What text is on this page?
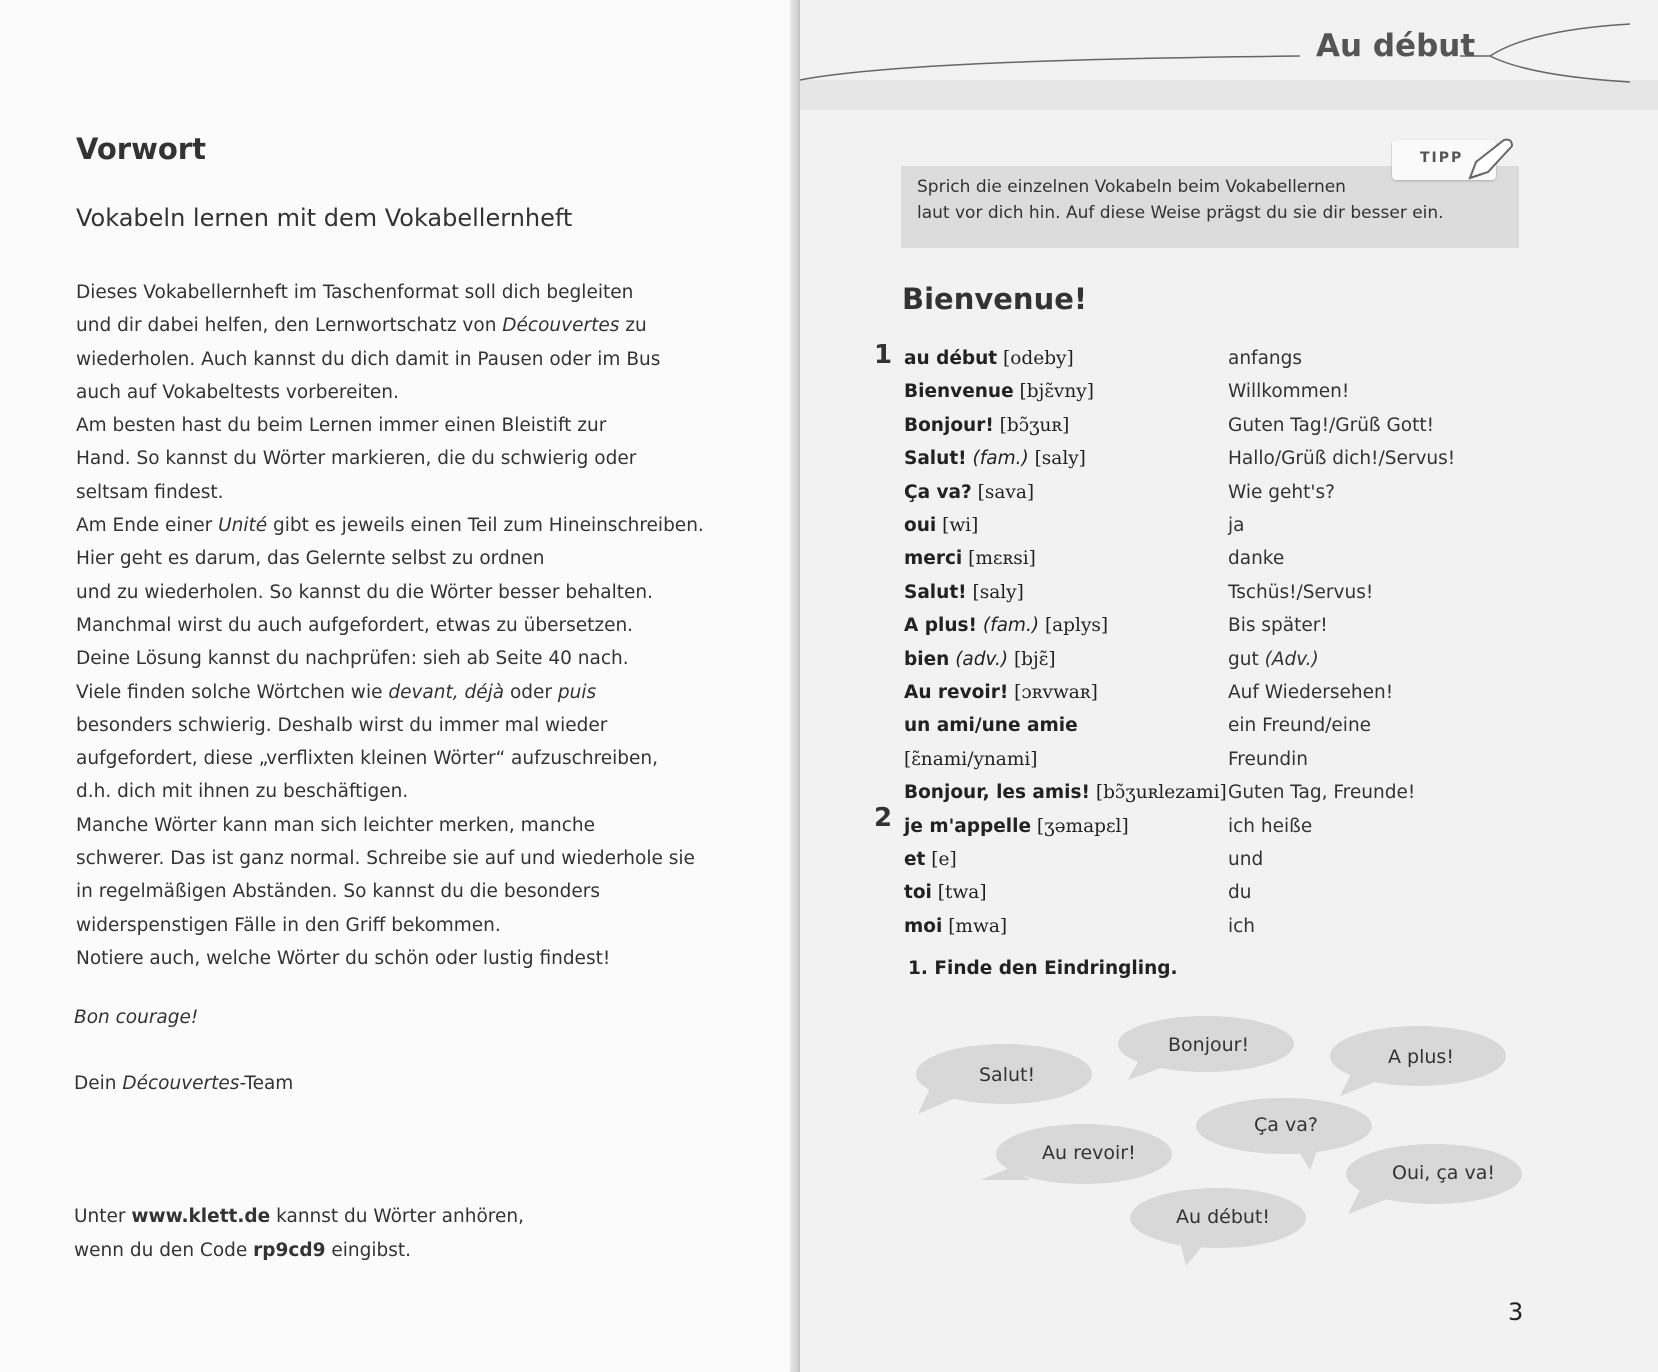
Vorwort
Vokabeln lernen mit dem Vokabellernheft
Dieses Vokabellernheft im Taschenformat soll dich begleiten
und dir dabei helfen, den Lernwortschatz von Découvertes zu
wiederholen. Auch kannst du dich damit in Pausen oder im Bus
auch auf Vokabeltests vorbereiten.
Am besten hast du beim Lernen immer einen Bleistift zur
Hand. So kannst du Wörter markieren, die du schwierig oder
seltsam findest.
Am Ende einer Unité gibt es jeweils einen Teil zum Hineinschreiben.
Hier geht es darum, das Gelernte selbst zu ordnen
und zu wiederholen. So kannst du die Wörter besser behalten.
Manchmal wirst du auch aufgefordert, etwas zu übersetzen.
Deine Lösung kannst du nachprüfen: sieh ab Seite 40 nach.
Viele finden solche Wörtchen wie devant, déjà oder puis
besonders schwierig. Deshalb wirst du immer mal wieder
aufgefordert, diese „verflixten kleinen Wörter“ aufzuschreiben,
d.h. dich mit ihnen zu beschäftigen.
Manche Wörter kann man sich leichter merken, manche
schwerer. Das ist ganz normal. Schreibe sie auf und wiederhole sie
in regelmäßigen Abständen. So kannst du die besonders
widerspenstigen Fälle in den Griff bekommen.
Notiere auch, welche Wörter du schön oder lustig findest!
Bon courage!
Dein Découvertes-Team
Unter www.klett.de kannst du Wörter anhören,
wenn du den Code rp9cd9 eingibst.
Au début
TIPP
Sprich die einzelnen Vokabeln beim Vokabellernen
laut vor dich hin. Auf diese Weise prägst du sie dir besser ein.
Bienvenue!
1
2
au début [odeby]	anfangs
Bienvenue [bjɛ̃vny]	Willkommen!
Bonjour! [bɔ̃ʒuʀ]	Guten Tag!/Grüß Gott!
Salut! (fam.) [saly]	Hallo/Grüß dich!/Servus!
Ça va? [sava]	Wie geht's?
oui [wi]	ja
merci [mɛʀsi]	danke
Salut! [saly]	Tschüs!/Servus!
A plus! (fam.) [aplys]	Bis später!
bien (adv.) [bjɛ̃]	gut (Adv.)
Au revoir! [ɔʀvwaʀ]	Auf Wiedersehen!
un ami/une amie	ein Freund/eine
[ɛ̃nami/ynami]	Freundin
Bonjour, les amis! [bɔ̃ʒuʀlezami] Guten Tag, Freunde!
je m'appelle [ʒəmapɛl]	ich heiße
et [e]	und
toi [twa]	du
moi [mwa]	ich
1. Finde den Eindringling.
Salut!
Bonjour!
A plus!
Au revoir!
Ça va?
Oui, ça va!
Au début!
3
